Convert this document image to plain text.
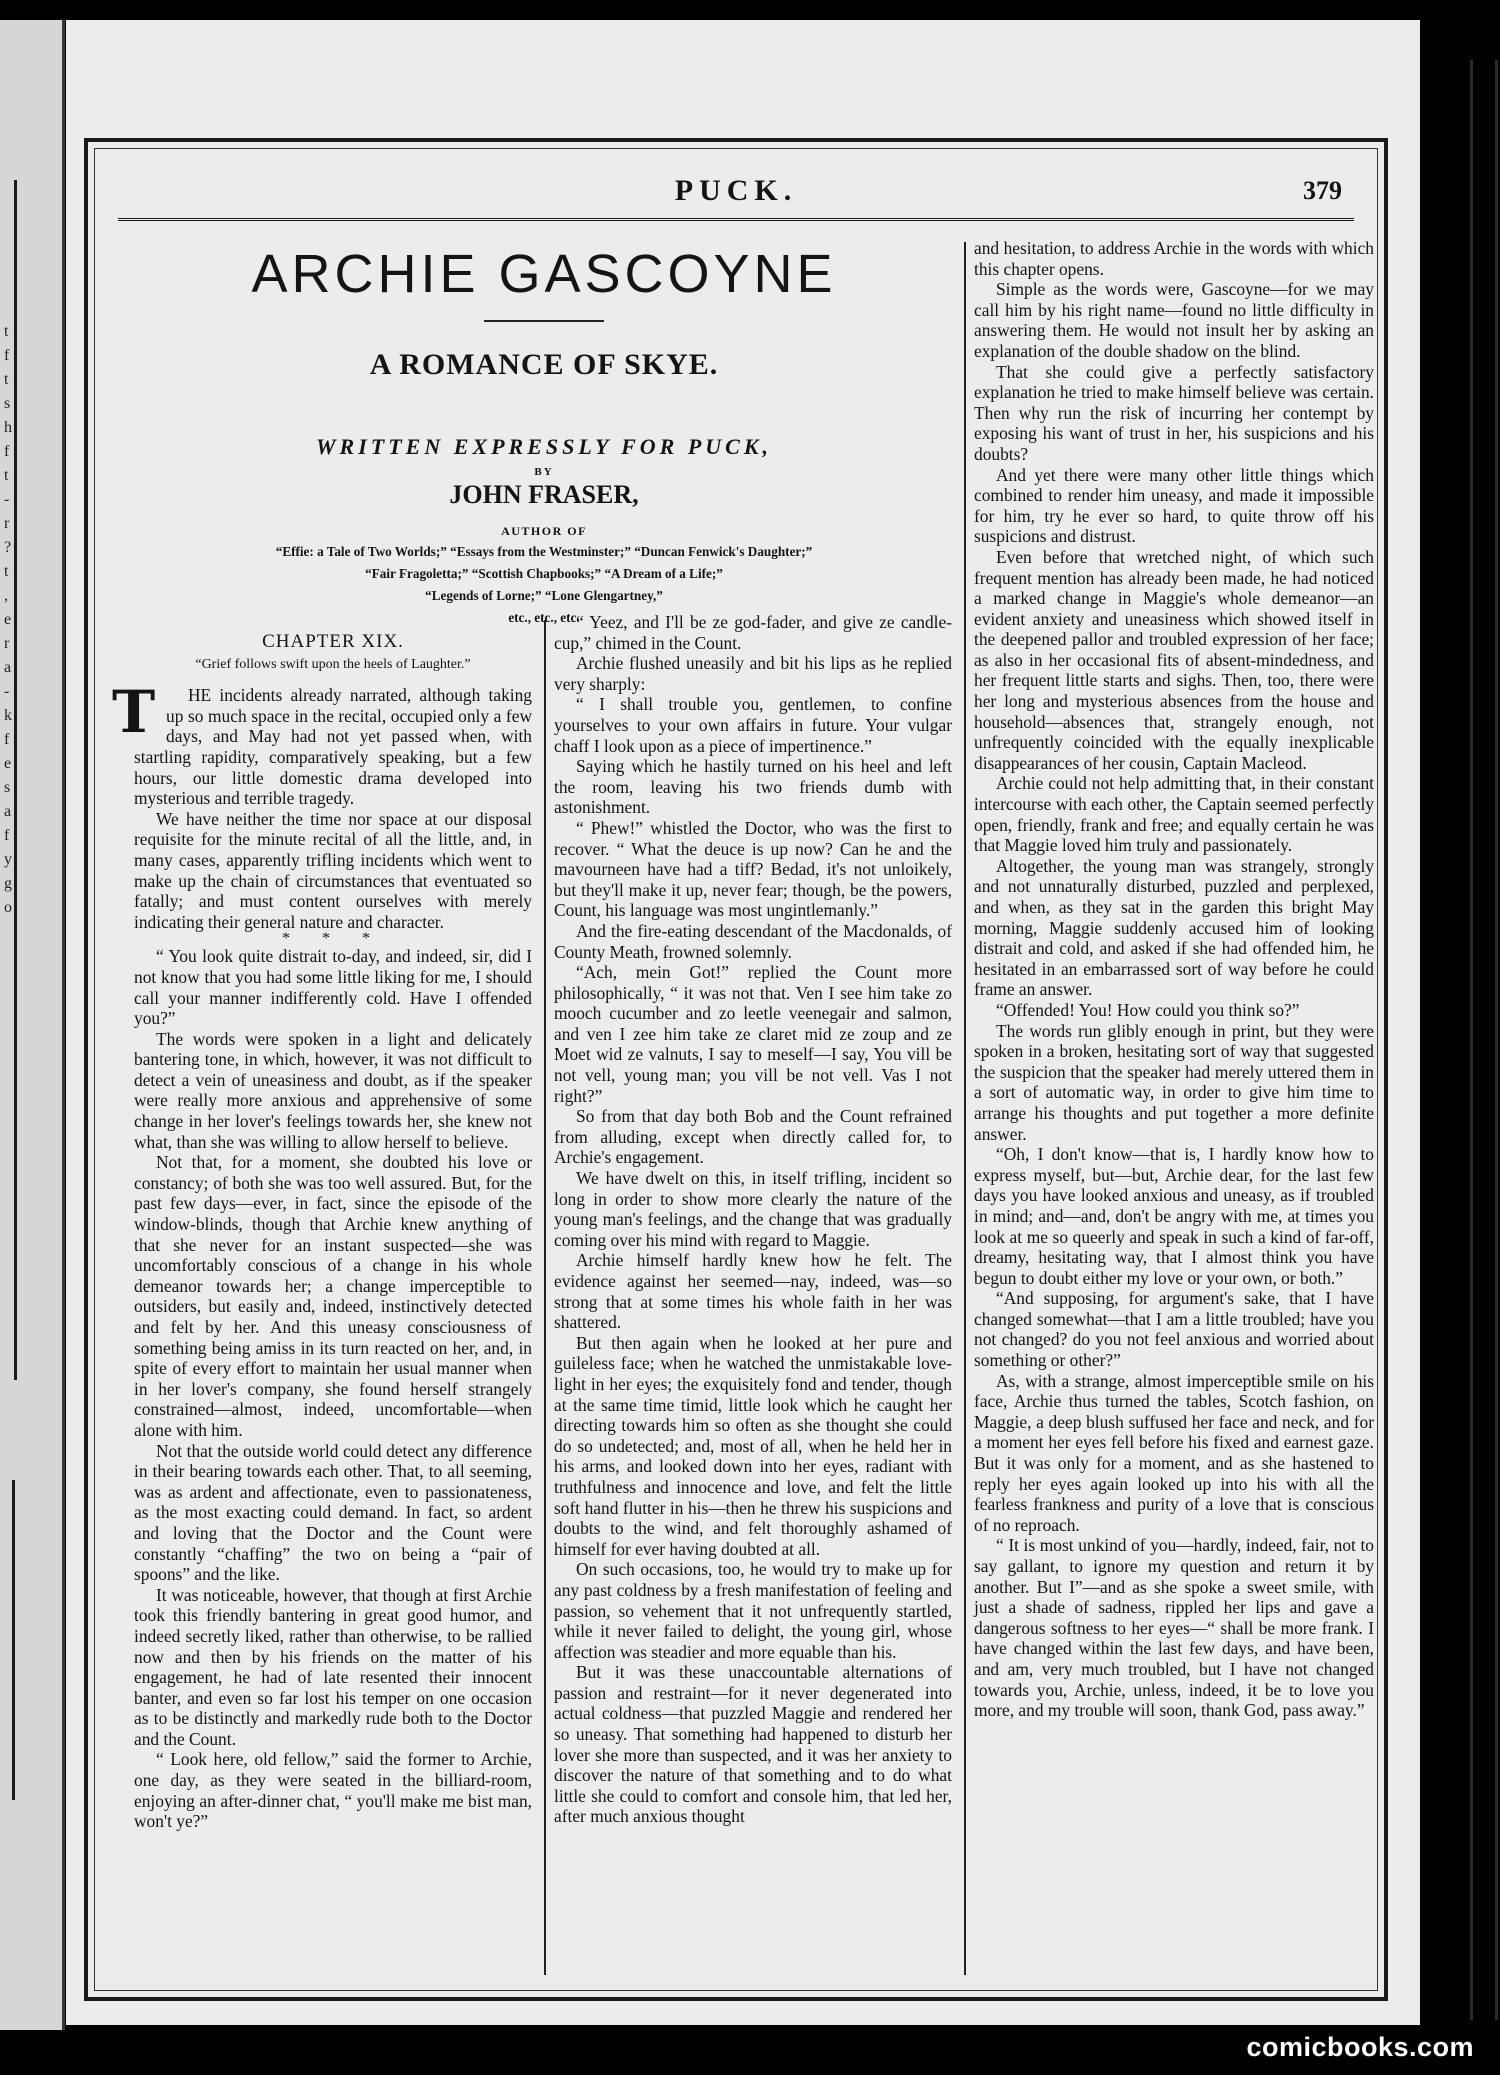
t
f
t
s
h
f
t
-
r
?
t
,
e
r
a
-
k
f
e
s
a
f
y
g
o
PUCK.	379
ARCHIE GASCOYNE
A ROMANCE OF SKYE.
WRITTEN EXPRESSLY FOR PUCK,
BY
JOHN FRASER,
AUTHOR OF
“Effie: a Tale of Two Worlds;” “Essays from the Westminster;” “Duncan Fenwick's Daughter;”
“Fair Fragoletta;” “Scottish Chapbooks;” “A Dream of a Life;”
“Legends of Lorne;” “Lone Glengartney,”
etc., etc., etc.
CHAPTER XIX.
“Grief follows swift upon the heels of Laughter.”

T HE incidents already narrated, although taking up so much space in the recital, occupied only a few days, and May had not yet passed when, with startling rapidity, comparatively speaking, but a few hours, our little domestic drama developed into mysterious and terrible tragedy.

We have neither the time nor space at our disposal requisite for the minute recital of all the little, and, in many cases, apparently trifling incidents which went to make up the chain of circumstances that eventuated so fatally; and must content ourselves with merely indicating their general nature and character.

* * *

“ You look quite distrait to-day, and indeed, sir, did I not know that you had some little liking for me, I should call your manner indifferently cold. Have I offended you?”

The words were spoken in a light and delicately bantering tone, in which, however, it was not difficult to detect a vein of uneasiness and doubt, as if the speaker were really more anxious and apprehensive of some change in her lover's feelings towards her, she knew not what, than she was willing to allow herself to believe.

Not that, for a moment, she doubted his love or constancy; of both she was too well assured. But, for the past few days—ever, in fact, since the episode of the window-blinds, though that Archie knew anything of that she never for an instant suspected—she was uncomfortably conscious of a change in his whole demeanor towards her; a change imperceptible to outsiders, but easily and, indeed, instinctively detected and felt by her. And this uneasy consciousness of something being amiss in its turn reacted on her, and, in spite of every effort to maintain her usual manner when in her lover's company, she found herself strangely constrained—almost, indeed, uncomfortable—when alone with him.

Not that the outside world could detect any difference in their bearing towards each other. That, to all seeming, was as ardent and affectionate, even to passionateness, as the most exacting could demand. In fact, so ardent and loving that the Doctor and the Count were constantly “chaffing” the two on being a “pair of spoons” and the like.

It was noticeable, however, that though at first Archie took this friendly bantering in great good humor, and indeed secretly liked, rather than otherwise, to be rallied now and then by his friends on the matter of his engagement, he had of late resented their innocent banter, and even so far lost his temper on one occasion as to be distinctly and markedly rude both to the Doctor and the Count.

“ Look here, old fellow,” said the former to Archie, one day, as they were seated in the billiard-room, enjoying an after-dinner chat, “ you'll make me bist man, won't ye?”

“ Yeez, and I'll be ze god-fader, and give ze candle-cup,” chimed in the Count.

Archie flushed uneasily and bit his lips as he replied very sharply:

“ I shall trouble you, gentlemen, to confine yourselves to your own affairs in future. Your vulgar chaff I look upon as a piece of impertinence.”

Saying which he hastily turned on his heel and left the room, leaving his two friends dumb with astonishment.

“ Phew!” whistled the Doctor, who was the first to recover. “ What the deuce is up now? Can he and the mavourneen have had a tiff? Bedad, it's not unloikely, but they'll make it up, never fear; though, be the powers, Count, his language was most ungintlemanly.”

And the fire-eating descendant of the Macdonalds, of County Meath, frowned solemnly.

“Ach, mein Got!” replied the Count more philosophically, “ it was not that. Ven I see him take zo mooch cucumber and zo leetle veenegair and salmon, and ven I zee him take ze claret mid ze zoup and ze Moet wid ze valnuts, I say to meself—I say, You vill be not vell, young man; you vill be not vell. Vas I not right?”

So from that day both Bob and the Count refrained from alluding, except when directly called for, to Archie's engagement.

We have dwelt on this, in itself trifling, incident so long in order to show more clearly the nature of the young man's feelings, and the change that was gradually coming over his mind with regard to Maggie.

Archie himself hardly knew how he felt. The evidence against her seemed—nay, indeed, was—so strong that at some times his whole faith in her was shattered.

But then again when he looked at her pure and guileless face; when he watched the unmistakable love-light in her eyes; the exquisitely fond and tender, though at the same time timid, little look which he caught her directing towards him so often as she thought she could do so undetected; and, most of all, when he held her in his arms, and looked down into her eyes, radiant with truthfulness and innocence and love, and felt the little soft hand flutter in his—then he threw his suspicions and doubts to the wind, and felt thoroughly ashamed of himself for ever having doubted at all.

On such occasions, too, he would try to make up for any past coldness by a fresh manifestation of feeling and passion, so vehement that it not unfrequently startled, while it never failed to delight, the young girl, whose affection was steadier and more equable than his.

But it was these unaccountable alternations of passion and restraint—for it never degenerated into actual coldness—that puzzled Maggie and rendered her so uneasy. That something had happened to disturb her lover she more than suspected, and it was her anxiety to discover the nature of that something and to do what little she could to comfort and console him, that led her, after much anxious thought

and hesitation, to address Archie in the words with which this chapter opens.

Simple as the words were, Gascoyne—for we may call him by his right name—found no little difficulty in answering them. He would not insult her by asking an explanation of the double shadow on the blind.

That she could give a perfectly satisfactory explanation he tried to make himself believe was certain. Then why run the risk of incurring her contempt by exposing his want of trust in her, his suspicions and his doubts?

And yet there were many other little things which combined to render him uneasy, and made it impossible for him, try he ever so hard, to quite throw off his suspicions and distrust.

Even before that wretched night, of which such frequent mention has already been made, he had noticed a marked change in Maggie's whole demeanor—an evident anxiety and uneasiness which showed itself in the deepened pallor and troubled expression of her face; as also in her occasional fits of absent-mindedness, and her frequent little starts and sighs. Then, too, there were her long and mysterious absences from the house and household—absences that, strangely enough, not unfrequently coincided with the equally inexplicable disappearances of her cousin, Captain Macleod.

Archie could not help admitting that, in their constant intercourse with each other, the Captain seemed perfectly open, friendly, frank and free; and equally certain he was that Maggie loved him truly and passionately.

Altogether, the young man was strangely, strongly and not unnaturally disturbed, puzzled and perplexed, and when, as they sat in the garden this bright May morning, Maggie suddenly accused him of looking distrait and cold, and asked if she had offended him, he hesitated in an embarrassed sort of way before he could frame an answer.

“Offended! You! How could you think so?”

The words run glibly enough in print, but they were spoken in a broken, hesitating sort of way that suggested the suspicion that the speaker had merely uttered them in a sort of automatic way, in order to give him time to arrange his thoughts and put together a more definite answer.

“Oh, I don't know—that is, I hardly know how to express myself, but—but, Archie dear, for the last few days you have looked anxious and uneasy, as if troubled in mind; and—and, don't be angry with me, at times you look at me so queerly and speak in such a kind of far-off, dreamy, hesitating way, that I almost think you have begun to doubt either my love or your own, or both.”

“And supposing, for argument's sake, that I have changed somewhat—that I am a little troubled; have you not changed? do you not feel anxious and worried about something or other?”

As, with a strange, almost imperceptible smile on his face, Archie thus turned the tables, Scotch fashion, on Maggie, a deep blush suffused her face and neck, and for a moment her eyes fell before his fixed and earnest gaze. But it was only for a moment, and as she hastened to reply her eyes again looked up into his with all the fearless frankness and purity of a love that is conscious of no reproach.

“ It is most unkind of you—hardly, indeed, fair, not to say gallant, to ignore my question and return it by another. But I”—and as she spoke a sweet smile, with just a shade of sadness, rippled her lips and gave a dangerous softness to her eyes—“ shall be more frank. I have changed within the last few days, and have been, and am, very much troubled, but I have not changed towards you, Archie, unless, indeed, it be to love you more, and my trouble will soon, thank God, pass away.”

comicbooks.com
